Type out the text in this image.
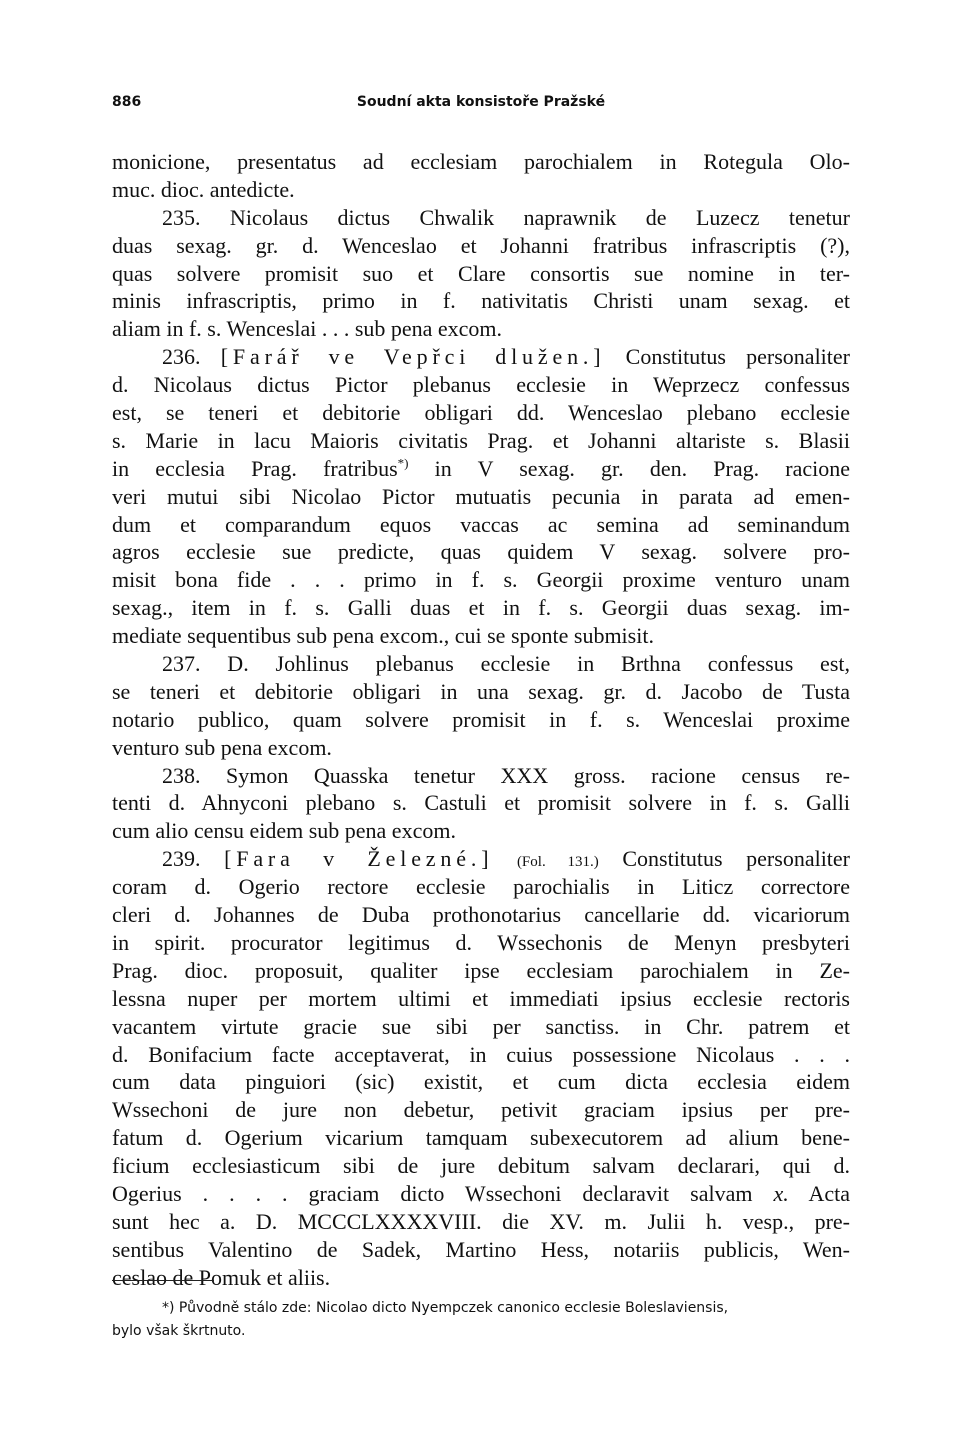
886	Soudní akta konsistoře Pražské
monicione, presentatus ad ecclesiam parochialem in Rotegula Olo-
muc. dioc. antedicte.
235. Nicolaus dictus Chwalik naprawnik de Luzecz tenetur
duas sexag. gr. d. Wenceslao et Johanni fratribus infrascriptis (?),
quas solvere promisit suo et Clare consortis sue nomine in ter-
minis infrascriptis, primo in f. nativitatis Christi unam sexag. et
aliam in f. s. Wenceslai . . . sub pena excom.
236. [Farář ve Vepřci dlužen.] Constitutus personaliter
d. Nicolaus dictus Pictor plebanus ecclesie in Weprzecz confessus
est, se teneri et debitorie obligari dd. Wenceslao plebano ecclesie
s. Marie in lacu Maioris civitatis Prag. et Johanni altariste s. Blasii
in ecclesia Prag. fratribus*) in V sexag. gr. den. Prag. racione
veri mutui sibi Nicolao Pictor mutuatis pecunia in parata ad emen-
dum et comparandum equos vaccas ac semina ad seminandum
agros ecclesie sue predicte, quas quidem V sexag. solvere pro-
misit bona fide . . . primo in f. s. Georgii proxime venturo unam
sexag., item in f. s. Galli duas et in f. s. Georgii duas sexag. im-
mediate sequentibus sub pena excom., cui se sponte submisit.
237. D. Johlinus plebanus ecclesie in Brthna confessus est,
se teneri et debitorie obligari in una sexag. gr. d. Jacobo de Tusta
notario publico, quam solvere promisit in f. s. Wenceslai proxime
venturo sub pena excom.
238. Symon Quasska tenetur XXX gross. racione census re-
tenti d. Ahnyconi plebano s. Castuli et promisit solvere in f. s. Galli
cum alio censu eidem sub pena excom.
239. [Fara v Železné.] (Fol. 131.) Constitutus personaliter
coram d. Ogerio rectore ecclesie parochialis in Liticz correctore
cleri d. Johannes de Duba prothonotarius cancellarie dd. vicariorum
in spirit. procurator legitimus d. Wssechonis de Menyn presbyteri
Prag. dioc. proposuit, qualiter ipse ecclesiam parochialem in Ze-
lessna nuper per mortem ultimi et immediati ipsius ecclesie rectoris
vacantem virtute gracie sue sibi per sanctiss. in Chr. patrem et
d. Bonifacium facte acceptaverat, in cuius possessione Nicolaus . . .
cum data pinguiori (sic) existit, et cum dicta ecclesia eidem
Wssechoni de jure non debetur, petivit graciam ipsius per pre-
fatum d. Ogerium vicarium tamquam subexecutorem ad alium bene-
ficium ecclesiasticum sibi de jure debitum salvam declarari, qui d.
Ogerius . . . . graciam dicto Wssechoni declaravit salvam x. Acta
sunt hec a. D. MCCCLXXXXVIII. die XV. m. Julii h. vesp., pre-
sentibus Valentino de Sadek, Martino Hess, notariis publicis, Wen-
ceslao de Pomuk et aliis.
*) Původně stálo zde: Nicolao dicto Nyempczek canonico ecclesie Boleslaviensis,
bylo však škrtnuto.
